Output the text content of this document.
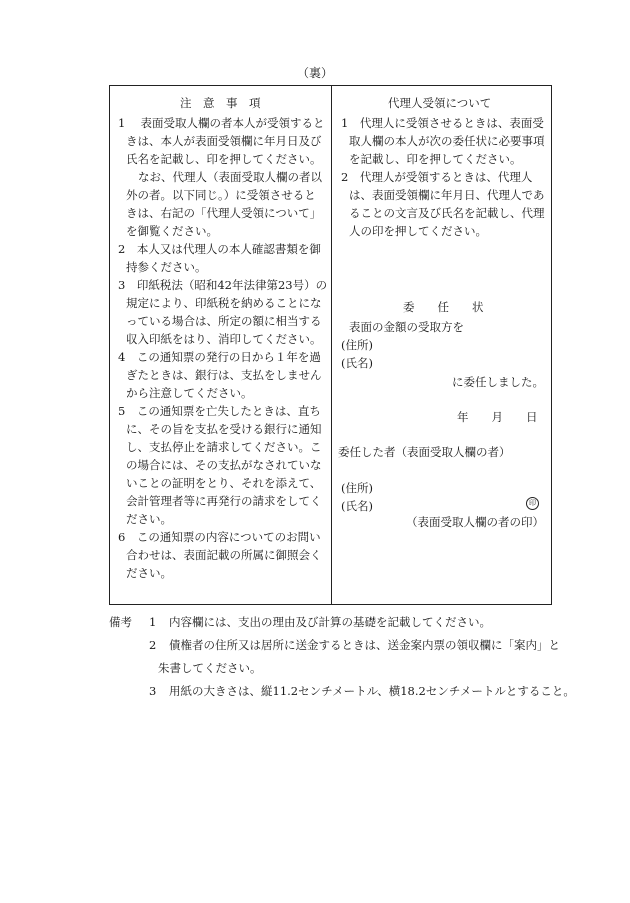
（裏）
注　意　事　項
1　 表面受取人欄の者本人が受領すると
きは、本人が表面受領欄に年月日及び
氏名を記載し、印を押してください。
なお、代理人（表面受取人欄の者以
外の者。以下同じ。）に受領させると
きは、右記の「代理人受領について」
を御覧ください。
2　本人又は代理人の本人確認書類を御
持参ください。
3　印紙税法（昭和42年法律第23号）の
規定により、印紙税を納めることにな
っている場合は、所定の額に相当する
収入印紙をはり、消印してください。
4　この通知票の発行の日から１年を過
ぎたときは、銀行は、支払をしません
から注意してください。
5　この通知票を亡失したときは、直ち
に、その旨を支払を受ける銀行に通知
し、支払停止を請求してください。こ
の場合には、その支払がなされていな
いことの証明をとり、それを添えて、
会計管理者等に再発行の請求をしてく
ださい。
6　この通知票の内容についてのお問い
合わせは、表面記載の所属に御照会く
ださい。
代理人受領について
1　代理人に受領させるときは、表面受
取人欄の本人が次の委任状に必要事項
を記載し、印を押してください。
2　代理人が受領するときは、代理人
は、表面受領欄に年月日、代理人であ
ることの文言及び氏名を記載し、代理
人の印を押してください。
委　　任　　状
表面の金額の受取方を
(住所)
(氏名)
に委任しました。
年　　月　　日
委任した者（表面受取人欄の者）
(住所)
(氏名)	印
（表面受取人欄の者の印）
備考 1 内容欄には、支出の理由及び計算の基礎を記載してください。
2 債権者の住所又は居所に送金するときは、送金案内票の領収欄に「案内」と
朱書してください。
3 用紙の大きさは、縦11.2センチメートル、横18.2センチメートルとすること。
